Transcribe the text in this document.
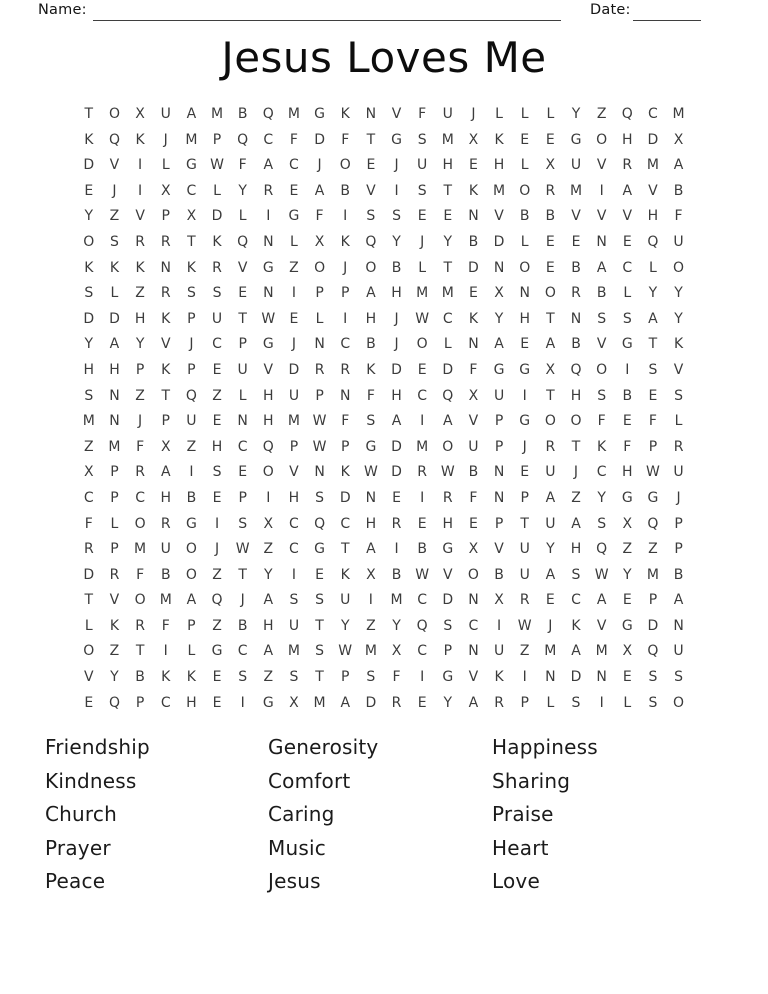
Name:	Date:
Jesus Loves Me
T	O	X	U	A	M	B	Q	M	G	K	N	V	F	U	J	L	L	L	Y	Z	Q	C	M
K	Q	K	J	M	P	Q	C	F	D	F	T	G	S	M	X	K	E	E	G	O	H	D	X
D	V	I	L	G W	F	A	C	J	O	E	J	U	H	E	H	L	X	U	V	R	M	A
E	J	I	X	C	L	Y	R	E	A	B	V	I	S	T	K	M	O	R	M	I	A	V	B
Y	Z	V	P	X	D	L	I	G	F	I	S	S	E	E	N	V	B	B	V	V	V	H	F
O	S	R	R	T	K	Q	N	L	X	K	Q	Y	J	Y	B	D	L	E	E	N	E	Q	U
K	K	K	N	K	R	V	G	Z	O	J	O	B	L	T	D	N	O	E	B	A	C	L	O
S	L	Z	R	S	S	E	N	I	P	P	A	H	M M	E	X	N	O	R	B	L	Y	Y
D	D	H	K	P	U	T	W	E	L	I	H	J	W C	K	Y	H	T	N	S	S	A	Y
Y	A	Y	V	J	C	P	G	J	N	C	B	J	O	L	N	A	E	A	B	V	G	T	K
H	H	P	K	P	E	U	V	D	R	R	K	D	E	D	F	G	G	X	Q	O	I	S	V
S	N	Z	T	Q	Z	L	H	U	P	N	F	H	C	Q	X	U	I	T	H	S	B	E	S
M	N	J	P	U	E	N	H	M W	F	S	A	I	A	V	P	G	O	O	F	E	F	L
Z	M	F	X	Z	H	C	Q	P	W	P	G	D	M	O	U	P	J	R	T	K	F	P	R
X	P	R	A	I	S	E	O	V	N	K	W D	R W B	N	E	U	J	C	H W U
C	P	C	H	B	E	P	I	H	S	D	N	E	I	R	F	N	P	A	Z	Y	G	G	J
F	L	O	R	G	I	S	X	C	Q	C	H	R	E	H	E	P	T	U	A	S	X	Q	P
R	P	M	U	O	J	W Z	C	G	T	A	I	B	G	X	V	U	Y	H	Q	Z	Z	P
D	R	F	B	O	Z	T	Y	I	E	K	X	B W V	O	B	U	A	S	W	Y	M	B
T	V	O	M	A	Q	J	A	S	S	U	I	M	C	D	N	X	R	E	C	A	E	P	A
L	K	R	F	P	Z	B	H	U	T	Y	Z	Y	Q	S	C	I	W	J	K	V	G	D	N
O	Z	T	I	L	G	C	A	M	S	W M	X	C	P	N	U	Z	M	A	M	X	Q	U
V	Y	B	K	K	E	S	Z	S	T	P	S	F	I	G	V	K	I	N	D	N	E	S	S
E	Q	P	C	H	E	I	G	X	M	A	D	R	E	Y	A	R	P	L	S	I	L	S	O
Friendship
Kindness
Church
Prayer
Peace
Generosity
Comfort
Caring
Music
Jesus
Happiness
Sharing
Praise
Heart
Love
